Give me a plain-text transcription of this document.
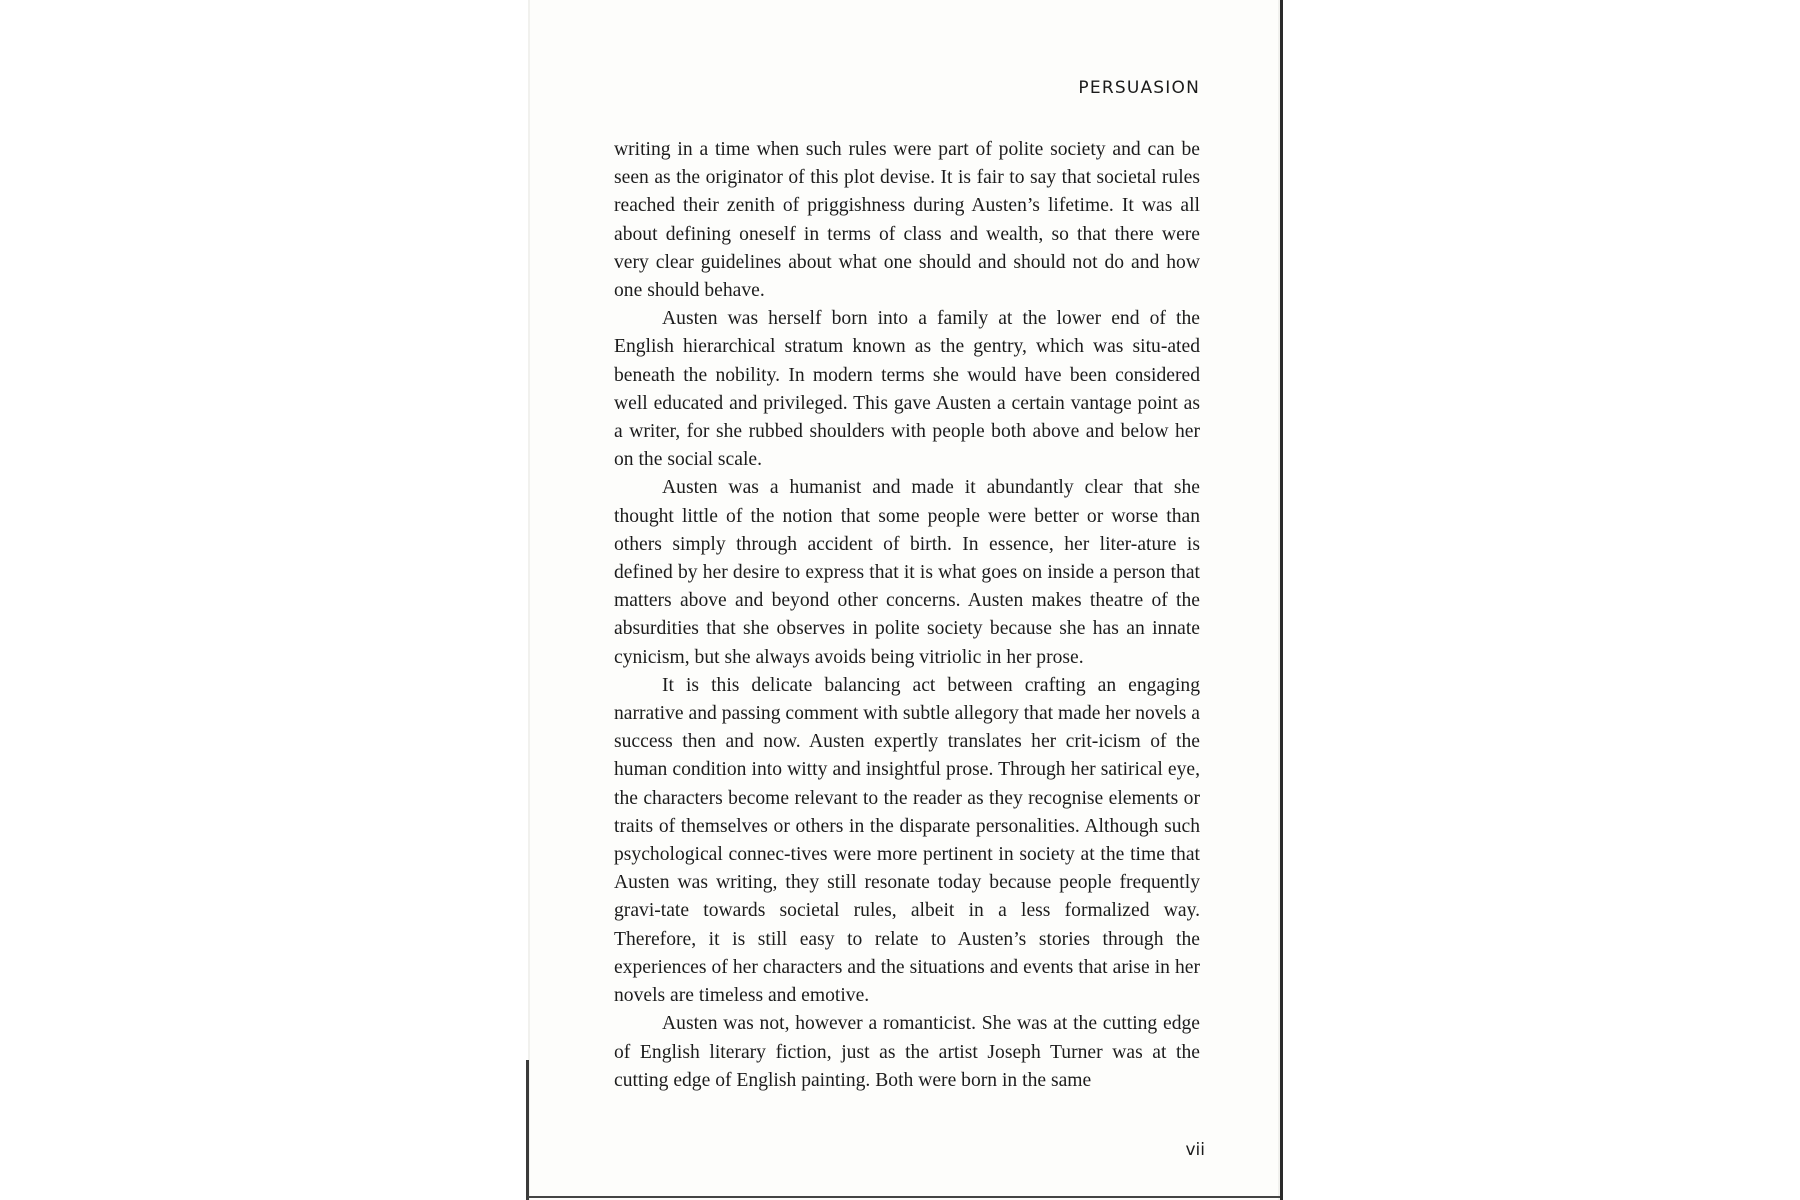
PERSUASION

writing in a time when such rules were part of polite society and can be seen as the originator of this plot devise. It is fair to say that societal rules reached their zenith of priggishness during Austen’s lifetime. It was all about defining oneself in terms of class and wealth, so that there were very clear guidelines about what one should and should not do and how one should behave.

Austen was herself born into a family at the lower end of the English hierarchical stratum known as the gentry, which was situ-ated beneath the nobility. In modern terms she would have been considered well educated and privileged. This gave Austen a certain vantage point as a writer, for she rubbed shoulders with people both above and below her on the social scale.

Austen was a humanist and made it abundantly clear that she thought little of the notion that some people were better or worse than others simply through accident of birth. In essence, her liter-ature is defined by her desire to express that it is what goes on inside a person that matters above and beyond other concerns. Austen makes theatre of the absurdities that she observes in polite society because she has an innate cynicism, but she always avoids being vitriolic in her prose.

It is this delicate balancing act between crafting an engaging narrative and passing comment with subtle allegory that made her novels a success then and now. Austen expertly translates her crit-icism of the human condition into witty and insightful prose. Through her satirical eye, the characters become relevant to the reader as they recognise elements or traits of themselves or others in the disparate personalities. Although such psychological connec-tives were more pertinent in society at the time that Austen was writing, they still resonate today because people frequently gravi-tate towards societal rules, albeit in a less formalized way. Therefore, it is still easy to relate to Austen’s stories through the experiences of her characters and the situations and events that arise in her novels are timeless and emotive.

Austen was not, however a romanticist. She was at the cutting edge of English literary fiction, just as the artist Joseph Turner was at the cutting edge of English painting. Both were born in the same

vii
